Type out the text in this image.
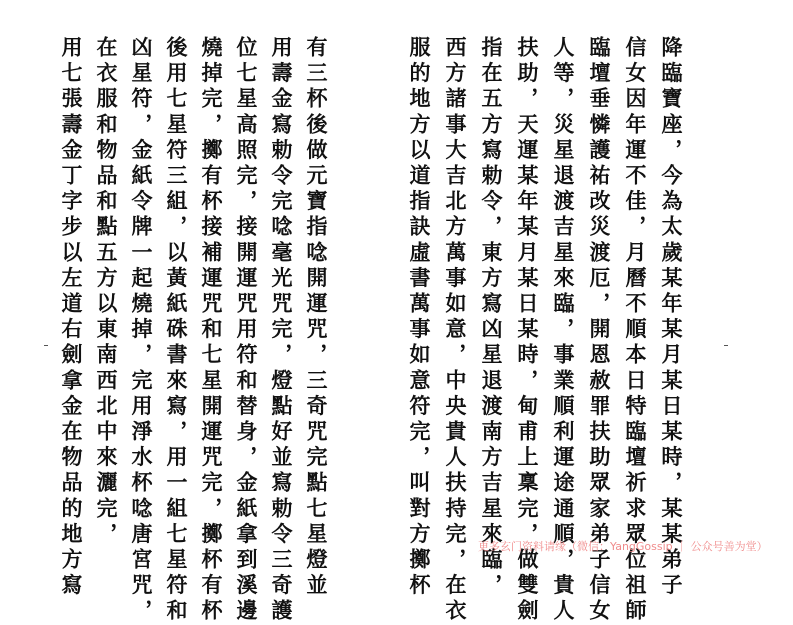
降臨寶座，今為太歲某年某月某日某時，某某弟子
信女因年運不佳，月曆不順本日特臨壇祈求眾位祖師
臨壇垂憐護祐改災渡厄，開恩赦罪扶助眾家弟子信女
人等，災星退渡吉星來臨，事業順利運途通順，貴人
扶助，天運某年某月某日某時，甸甫上稟完，做雙劍
指在五方寫勅令，東方寫凶星退渡南方吉星來臨，
西方諸事大吉北方萬事如意，中央貴人扶持完，在衣
服的地方以道指訣虛書萬事如意符完，叫對方擲杯
有三杯後做元寶指唸開運咒，三奇咒完點七星燈並
用壽金寫勅令完唸毫光咒完，燈點好並寫勅令三奇護
位七星高照完，接開運咒用符和替身，金紙拿到溪邊
燒掉完，擲有杯接補運咒和七星開運咒完，擲杯有杯
後用七星符三組，以黃紙硃書來寫，用一組七星符和
凶星符，金紙令牌一起燒掉，完用淨水杯唸唐宮咒，
在衣服和物品和點五方以東南西北中來灑完，
用七張壽金丁字步以左道右劍拿金在物品的地方寫	更多玄门资料请缘（微信：YangGossip ｜ 公众号善为堂）
